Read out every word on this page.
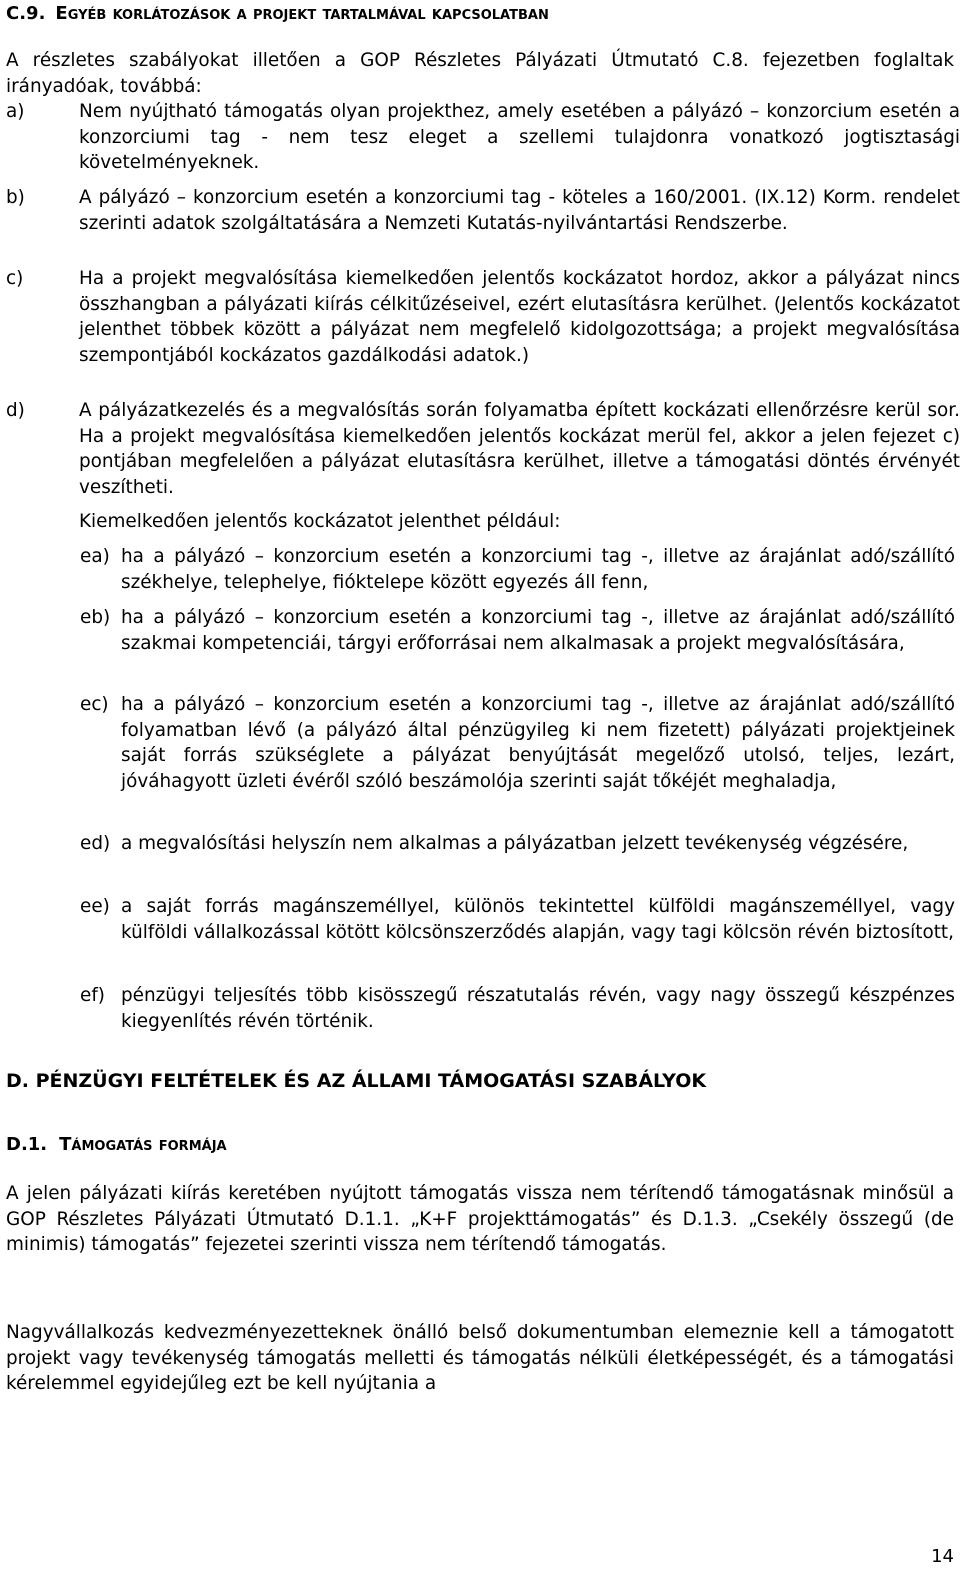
C.9. Egyéb korlátozások a projekt tartalmával kapcsolatban
A részletes szabályokat illetően a GOP Részletes Pályázati Útmutató C.8. fejezetben foglaltak irányadóak, továbbá:
a)	Nem nyújtható támogatás olyan projekthez, amely esetében a pályázó – konzorcium esetén a konzorciumi tag - nem tesz eleget a szellemi tulajdonra vonatkozó jogtisztasági követelményeknek.
b)	A pályázó – konzorcium esetén a konzorciumi tag - köteles a 160/2001. (IX.12) Korm. rendelet szerinti adatok szolgáltatására a Nemzeti Kutatás-nyilvántartási Rendszerbe.
c)	Ha a projekt megvalósítása kiemelkedően jelentős kockázatot hordoz, akkor a pályázat nincs összhangban a pályázati kiírás célkitűzéseivel, ezért elutasításra kerülhet. (Jelentős kockázatot jelenthet többek között a pályázat nem megfelelő kidolgozottsága; a projekt megvalósítása szempontjából kockázatos gazdálkodási adatok.)
d)	A pályázatkezelés és a megvalósítás során folyamatba épített kockázati ellenőrzésre kerül sor. Ha a projekt megvalósítása kiemelkedően jelentős kockázat merül fel, akkor a jelen fejezet c) pontjában megfelelően a pályázat elutasításra kerülhet, illetve a támogatási döntés érvényét veszítheti.
Kiemelkedően jelentős kockázatot jelenthet például:
ea) ha a pályázó – konzorcium esetén a konzorciumi tag -, illetve az árajánlat adó/szállító székhelye, telephelye, fióktelepe között egyezés áll fenn,
eb) ha a pályázó – konzorcium esetén a konzorciumi tag -, illetve az árajánlat adó/szállító szakmai kompetenciái, tárgyi erőforrásai nem alkalmasak a projekt megvalósítására,
ec) ha a pályázó – konzorcium esetén a konzorciumi tag -, illetve az árajánlat adó/szállító folyamatban lévő (a pályázó által pénzügyileg ki nem fizetett) pályázati projektjeinek saját forrás szükséglete a pályázat benyújtását megelőző utolsó, teljes, lezárt, jóváhagyott üzleti évéről szóló beszámolója szerinti saját tőkéjét meghaladja,
ed) a megvalósítási helyszín nem alkalmas a pályázatban jelzett tevékenység végzésére,
ee) a saját forrás magánszeméllyel, különös tekintettel külföldi magánszeméllyel, vagy külföldi vállalkozással kötött kölcsönszerződés alapján, vagy tagi kölcsön révén biztosított,
ef) pénzügyi teljesítés több kisösszegű részatutalás révén, vagy nagy összegű készpénzes kiegyenlítés révén történik.
D. PÉNZÜGYI FELTÉTELEK ÉS AZ ÁLLAMI TÁMOGATÁSI SZABÁLYOK
D.1. Támogatás formája
A jelen pályázati kiírás keretében nyújtott támogatás vissza nem térítendő támogatásnak minősül a GOP Részletes Pályázati Útmutató D.1.1. „K+F projekttámogatás” és D.1.3. „Csekély összegű (de minimis) támogatás” fejezetei szerinti vissza nem térítendő támogatás.
Nagyvállalkozás kedvezményezetteknek önálló belső dokumentumban elemeznie kell a támogatott projekt vagy tevékenység támogatás melletti és támogatás nélküli életképességét, és a támogatási kérelemmel egyidejűleg ezt be kell nyújtania a
14
